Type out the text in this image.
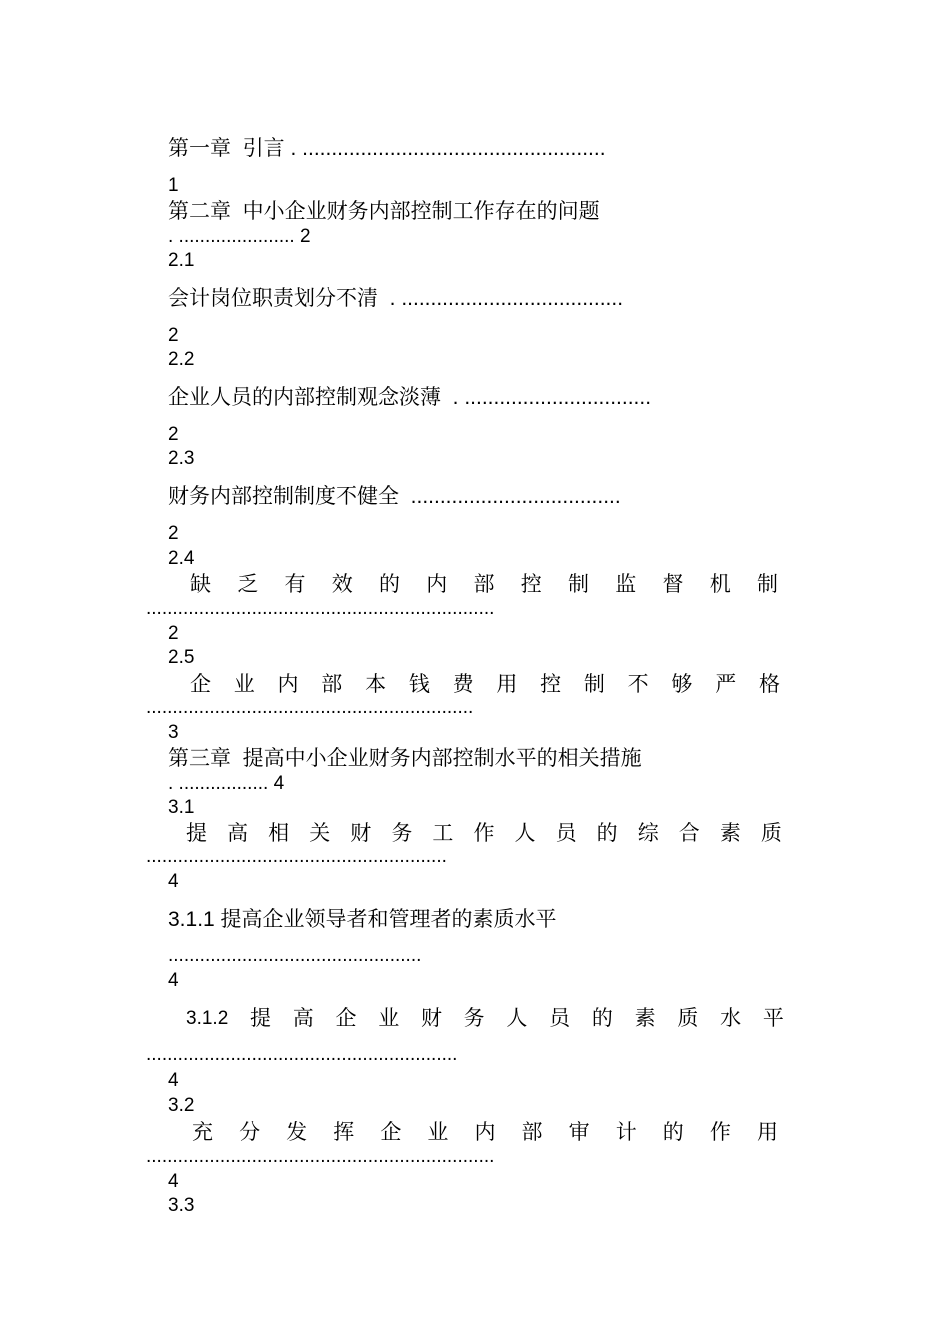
第一章  引言 . ....................................................
1
第二章  中小企业财务内部控制工作存在的问题
. ...................... 2
2.1
会计岗位职责划分不清  . ......................................
2
2.2
企业人员的内部控制观念淡薄  . ................................
2
2.3
财务内部控制制度不健全  ....................................
2
2.4
缺 乏 有 效 的 内 部 控 制 监 督 机 制
..................................................................
2
2.5
企 业 内 部 本 钱 费 用 控 制 不 够 严 格
..............................................................
3
第三章  提高中小企业财务内部控制水平的相关措施
. ................. 4
3.1
提 高 相 关 财 务 工 作 人 员 的 综 合 素 质
.........................................................
4
3.1.1 提高企业领导者和管理者的素质水平
................................................
4
3.1.2 提 高 企 业 财 务 人 员 的 素 质 水 平
...........................................................
4
3.2
充 分 发 挥 企 业 内 部 审 计 的 作 用
..................................................................
4
3.3
